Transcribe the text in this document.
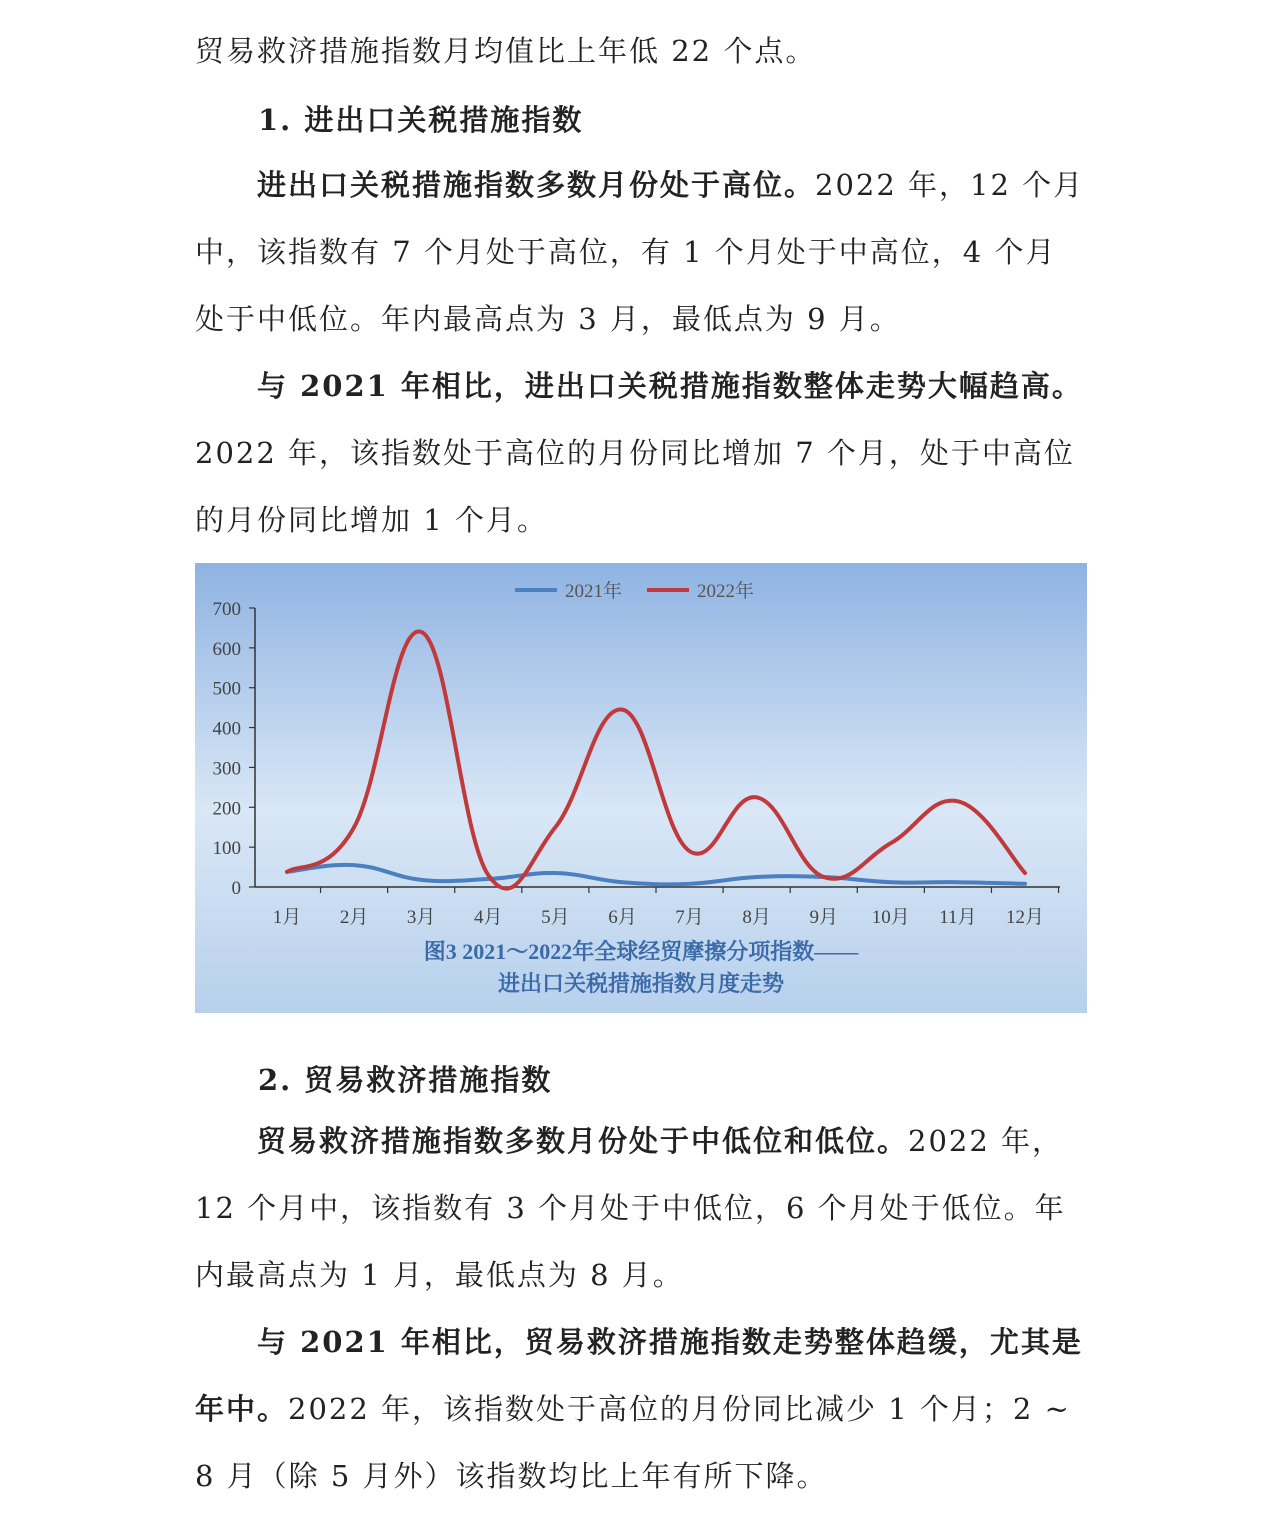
贸易救济措施指数月均值比上年低 22 个点。

1. 进出口关税措施指数

进出口关税措施指数多数月份处于高位。2022 年，12 个月中，该指数有 7 个月处于高位，有 1 个月处于中高位，4 个月处于中低位。年内最高点为 3 月，最低点为 9 月。

与 2021 年相比，进出口关税措施指数整体走势大幅趋高。2022 年，该指数处于高位的月份同比增加 7 个月，处于中高位的月份同比增加 1 个月。

0
100
200
300
400
500
600
700
1月 2月 3月 4月 5月 6月 7月 8月 9月 10月 11月 12月
2021年	2022年
图3 2021～2022年全球经贸摩擦分项指数——
进出口关税措施指数月度走势

2. 贸易救济措施指数

贸易救济措施指数多数月份处于中低位和低位。2022 年，12 个月中，该指数有 3 个月处于中低位，6 个月处于低位。年内最高点为 1 月，最低点为 8 月。

与 2021 年相比，贸易救济措施指数走势整体趋缓，尤其是年中。2022 年，该指数处于高位的月份同比减少 1 个月；2 ~ 8 月（除 5 月外）该指数均比上年有所下降。
